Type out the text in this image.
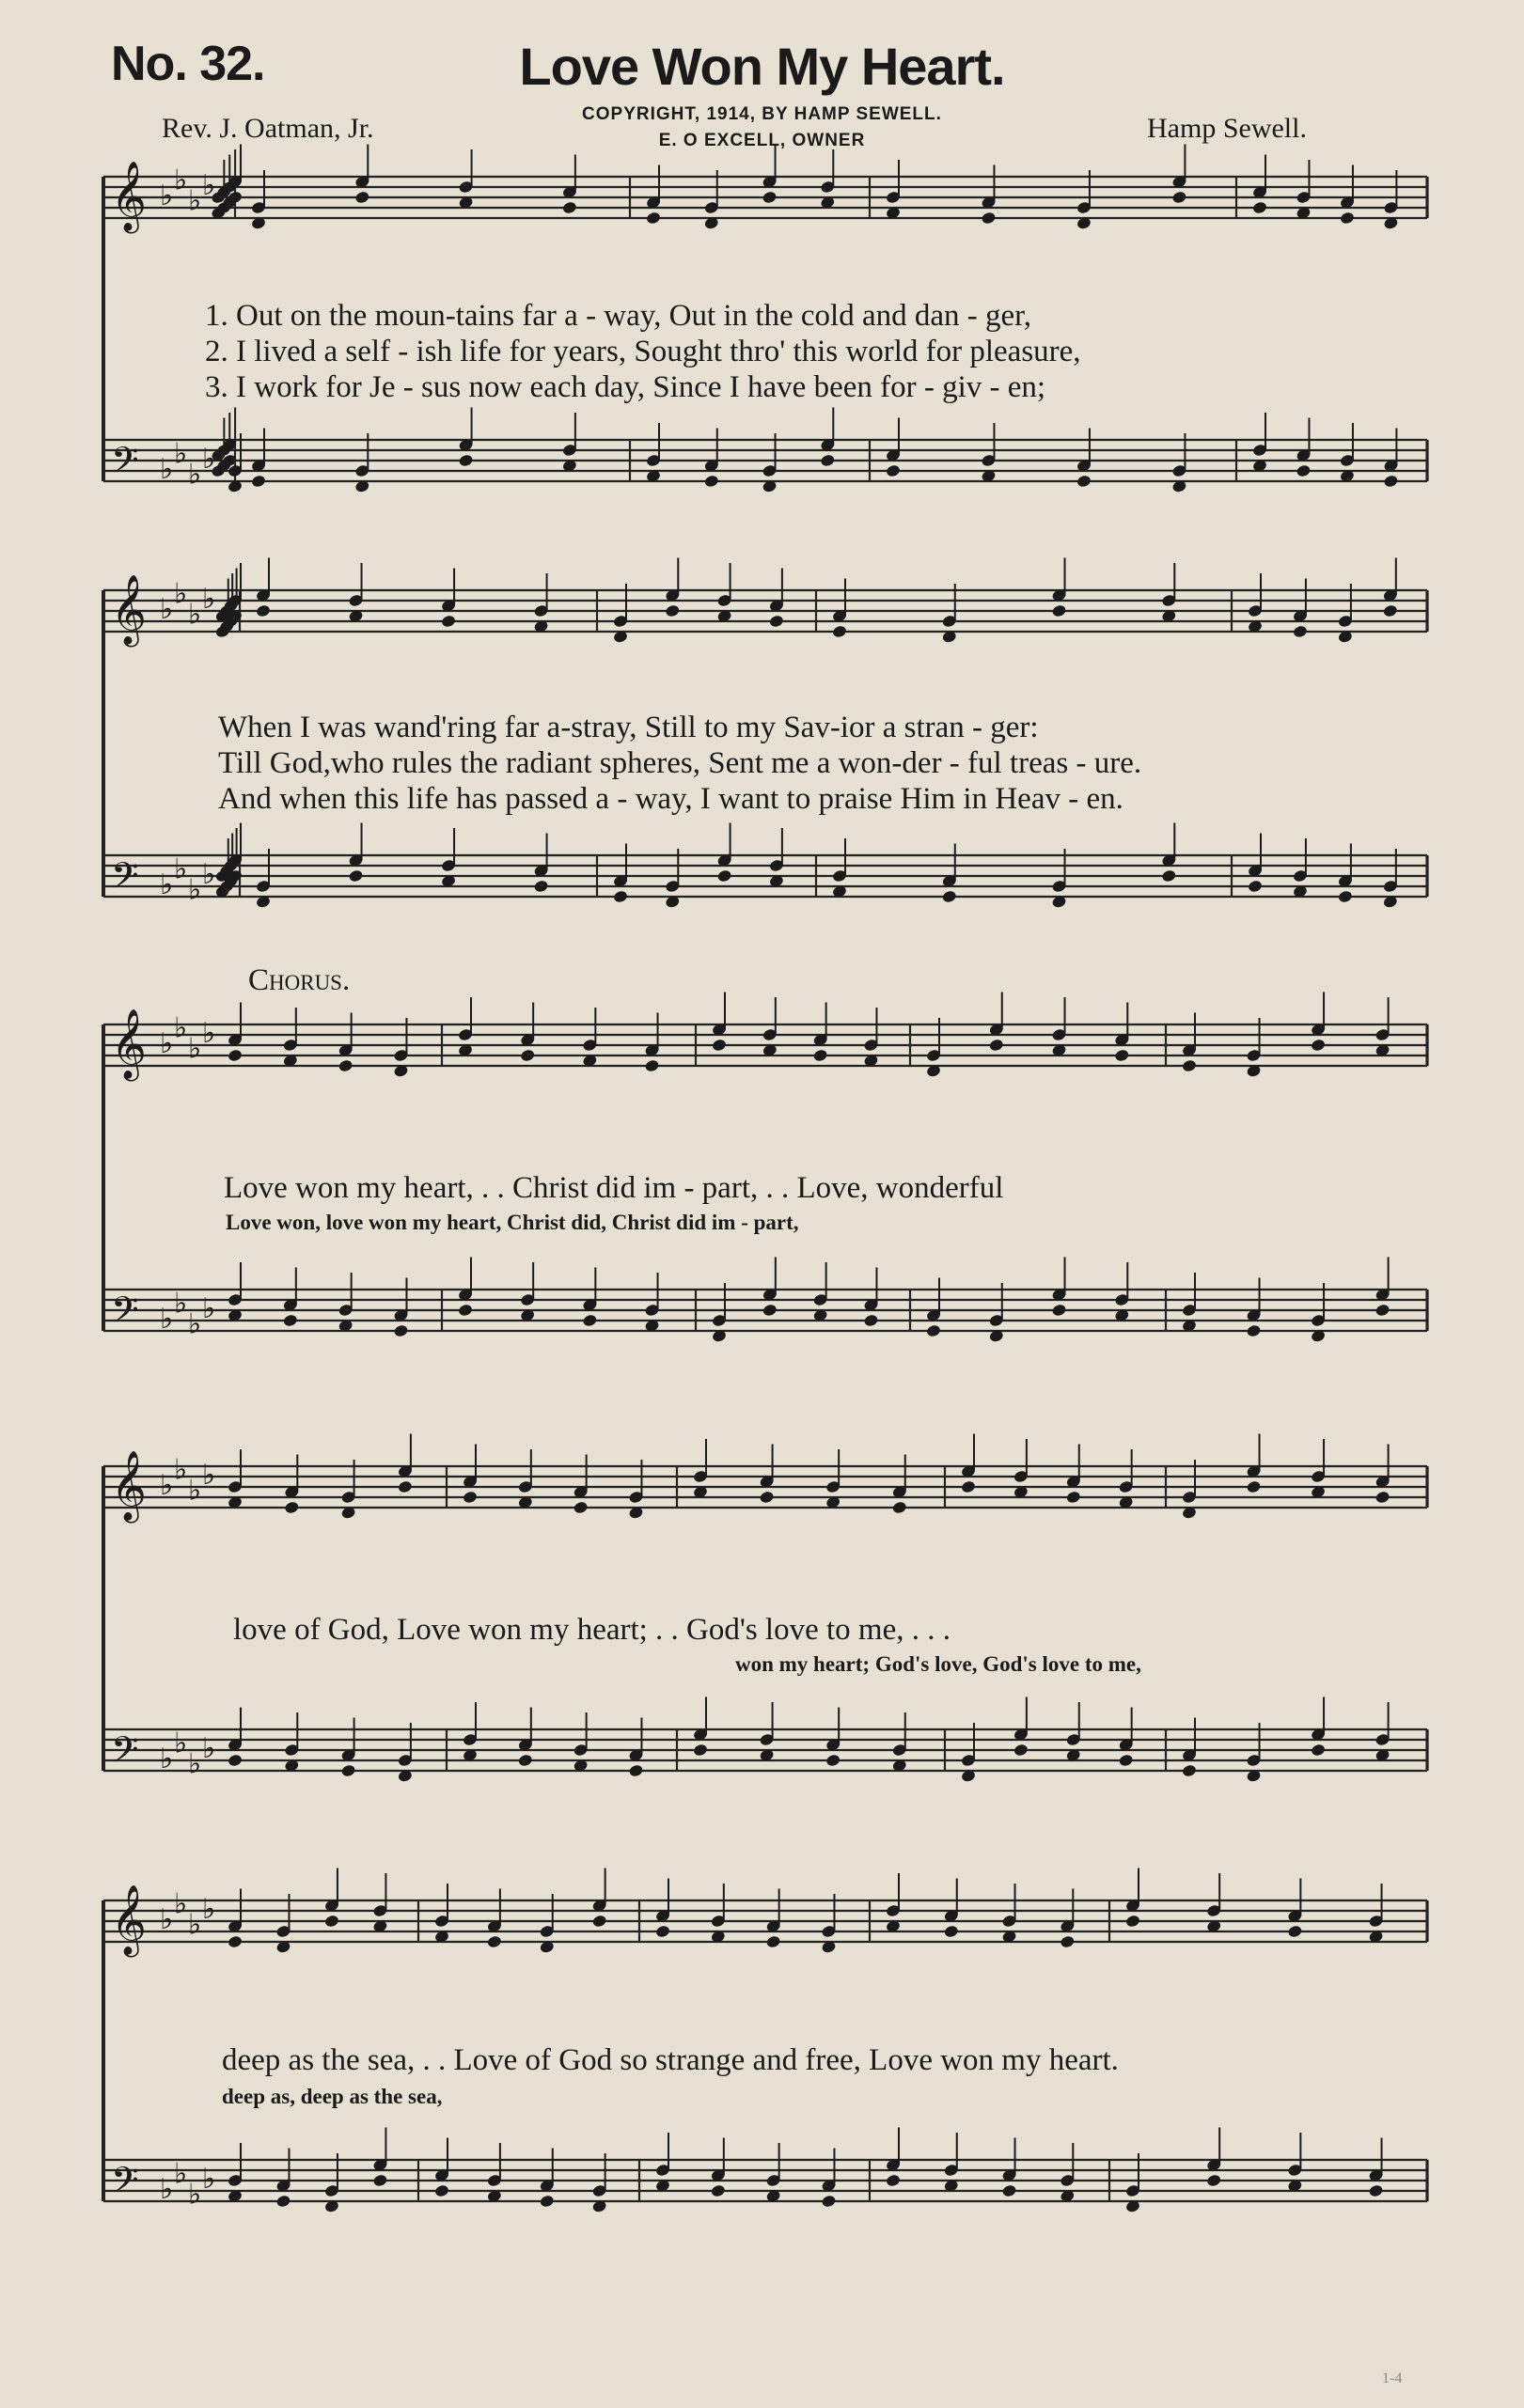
No. 32.	Love Won My Heart.
Rev. J. Oatman, Jr.	COPYRIGHT, 1914, BY HAMP SEWELL.
E. O EXCELL, OWNER	Hamp Sewell.
𝄞 ♭ ♭
♭ ♭
𝄢 ♭ ♭
♭ ♭
𝄞 ♭ ♭
♭ ♭
𝄢 ♭ ♭
♭ ♭
𝄞 ♭ ♭
♭ ♭
𝄢 ♭ ♭
♭ ♭
𝄞 ♭ ♭
♭ ♭
𝄢 ♭ ♭
♭ ♭
𝄞 ♭ ♭
♭ ♭
𝄢 ♭ ♭
♭ ♭
1. Out on the moun-tains far a - way, Out in the cold and dan - ger,
2. I lived a self - ish life for years, Sought thro' this world for pleasure,
3. I work for Je - sus now each day, Since I have been for - giv - en;
When I was wand'ring far a-stray, Still to my Sav-ior a stran - ger:
Till God,who rules the radiant spheres, Sent me a won-der - ful treas - ure.
And when this life has passed a - way, I want to praise Him in Heav - en.
Chorus.
Love won my heart, . . Christ did im - part, . . Love, wonderful
Love won, love won my heart, Christ did, Christ did im - part,
love of God, Love won my heart; . . God's love to me, . . .
won my heart; God's love, God's love to me,
deep as the sea, . . Love of God so strange and free, Love won my heart.
deep as, deep as the sea,
1-4
